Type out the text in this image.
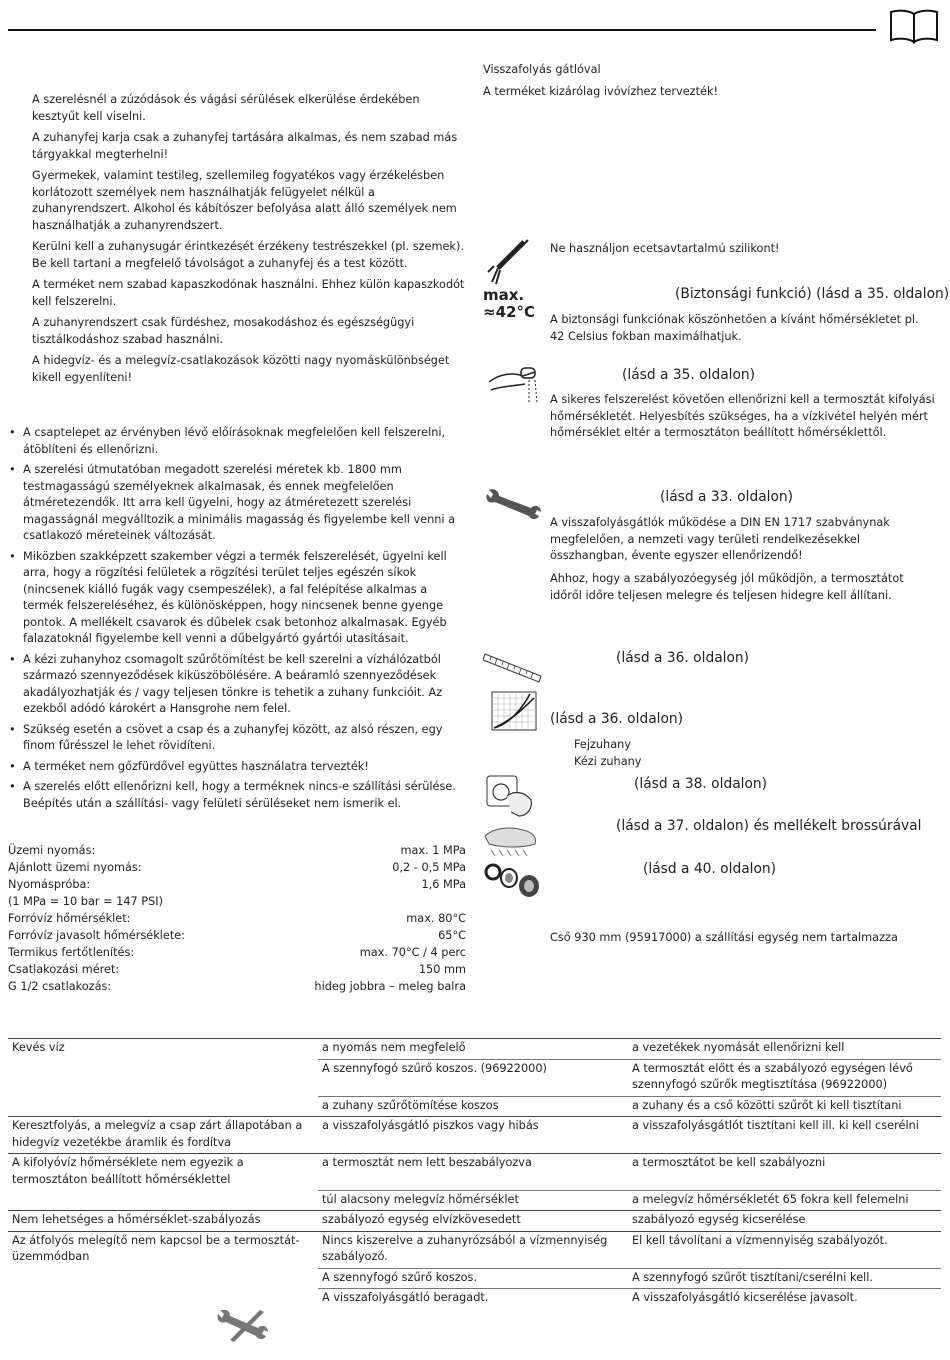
A szerelésnél a zúzódások és vágási sérülések elkerülése érdekében kesztyűt kell viselni.

A zuhanyfej karja csak a zuhanyfej tartására alkalmas, és nem szabad más tárgyakkal megterhelni!

Gyermekek, valamint testileg, szellemileg fogyatékos vagy érzékelésben korlátozott személyek nem használhatják felügyelet nélkül a zuhanyrendszert. Alkohol és kábítószer befolyása alatt álló személyek nem használhatják a zuhanyrendszert.

Kerülni kell a zuhanysugár érintkezését érzékeny testrészekkel (pl. szemek). Be kell tartani a megfelelő távolságot a zuhanyfej és a test között.

A terméket nem szabad kapaszkodónak használni. Ehhez külön kapaszkodót kell felszerelni.

A zuhanyrendszert csak fürdéshez, mosakodáshoz és egészségügyi tisztálkodáshoz szabad használni.

A hidegvíz- és a melegvíz-csatlakozások közötti nagy nyomáskülönbséget kikell egyenlíteni!

• A csaptelepet az érvényben lévő előírásoknak megfelelően kell felszerelni, átöblíteni és ellenőrizni.
• A szerelési útmutatóban megadott szerelési méretek kb. 1800 mm testmagasságú személyeknek alkalmasak, és ennek megfelelően átméretezendők. Itt arra kell ügyelni, hogy az átméretezett szerelési magasságnál megválltozik a minimális magasság és figyelembe kell venni a csatlakozó méreteinek változását.
• Miközben szakképzett szakember végzi a termék felszerelését, ügyelni kell arra, hogy a rögzítési felületek a rögzítési terület teljes egészén síkok (nincsenek kiálló fugák vagy csempeszélek), a fal felépítése alkalmas a termék felszereléséhez, és különösképpen, hogy nincsenek benne gyenge pontok. A mellékelt csavarok és dűbelek csak betonhoz alkalmasak. Egyéb falazatoknál figyelembe kell venni a dűbelgyártó gyártói utasításait.
• A kézi zuhanyhoz csomagolt szűrőtömítést be kell szerelni a vízhálózatból származó szennyeződések kiküszöbölésére. A beáramló szennyeződések akadályozhatják és / vagy teljesen tönkre is tehetik a zuhany funkcióit. Az ezekből adódó károkért a Hansgrohe nem felel.
• Szükség esetén a csövet a csap és a zuhanyfej között, az alsó részen, egy finom fűrésszel le lehet rövidíteni.
• A terméket nem gőzfürdővel együttes használatra tervezték!
• A szerelés előtt ellenőrizni kell, hogy a terméknek nincs-e szállítási sérülése. Beépítés után a szállítási- vagy felületi sérüléseket nem ismerik el.
Üzemi nyomás:	max. 1 MPa
Ajánlott üzemi nyomás:	0,2 - 0,5 MPa
Nyomáspróba:	1,6 MPa
(1 MPa = 10 bar = 147 PSI)
Forróvíz hőmérséklet:	max. 80°C
Forróvíz javasolt hőmérséklete:	65°C
Termikus fertőtlenítés:	max. 70°C / 4 perc
Csatlakozási méret:	150 mm
G 1/2 csatlakozás:	hideg jobbra – meleg balra
Visszafolyás gátlóval
A terméket kizárólag ivóvízhez tervezték!
Ne használjon ecetsavtartalmú szilikont!
max.
≈42°C
(Biztonsági funkció) (lásd a 35. oldalon)
A biztonsági funkciónak köszönhetően a kívánt hőmérsékletet pl. 42 Celsius fokban maximálhatjuk.
(lásd a 35. oldalon)
A sikeres felszerelést követően ellenőrizni kell a termosztát kifolyási hőmérsékletét. Helyesbítés szükséges, ha a vízkivétel helyén mért hőmérséklet eltér a termosztáton beállított hőmérséklettől.
(lásd a 33. oldalon)
A visszafolyásgátlók működése a DIN EN 1717 szabványnak megfelelően, a nemzeti vagy területi rendelkezésekkel összhangban, évente egyszer ellenőrizendő!
Ahhoz, hogy a szabályozóegység jól működjön, a termosztátot időről időre teljesen melegre és teljesen hidegre kell állítani.
(lásd a 36. oldalon)
(lásd a 36. oldalon)
Fejzuhany
Kézi zuhany
(lásd a 38. oldalon)
(lásd a 37. oldalon) és mellékelt brossúrával
(lásd a 40. oldalon)
Cső 930 mm (95917000) a szállítási egység nem tartalmazza
Kevés víz	a nyomás nem megfelelő	a vezetékek nyomását ellenőrizni kell
	A szennyfogó szűrő koszos. (96922000)	A termosztát előtt és a szabályozó egységen lévő szennyfogó szűrők megtisztítása (96922000)
	a zuhany szűrőtömítése koszos	a zuhany és a cső közötti szűrőt ki kell tisztítani
Keresztfolyás, a melegvíz a csap zárt állapotában a hidegvíz vezetékbe áramlik és fordítva	a visszafolyásgátló piszkos vagy hibás	a visszafolyásgátlót tisztítani kell ill. ki kell cserélni
A kifolyóvíz hőmérséklete nem egyezik a termosztáton beállított hőmérséklettel	a termosztát nem lett beszabályozva	a termosztátot be kell szabályozni
	túl alacsony melegvíz hőmérséklet	a melegvíz hőmérsékletét 65 fokra kell felemelni
Nem lehetséges a hőmérséklet-szabályozás	szabályozó egység elvízkövesedett	szabályozó egység kicserélése
Az átfolyós melegítő nem kapcsol be a termosztát-üzemmódban	Nincs kiszerelve a zuhanyrózsából a vízmennyiség szabályozó.	El kell távolítani a vízmennyiség szabályozót.
	A szennyfogó szűrő koszos.	A szennyfogó szűrőt tisztítani/cserélni kell.
	A visszafolyásgátló beragadt.	A visszafolyásgátló kicserélése javasolt.
